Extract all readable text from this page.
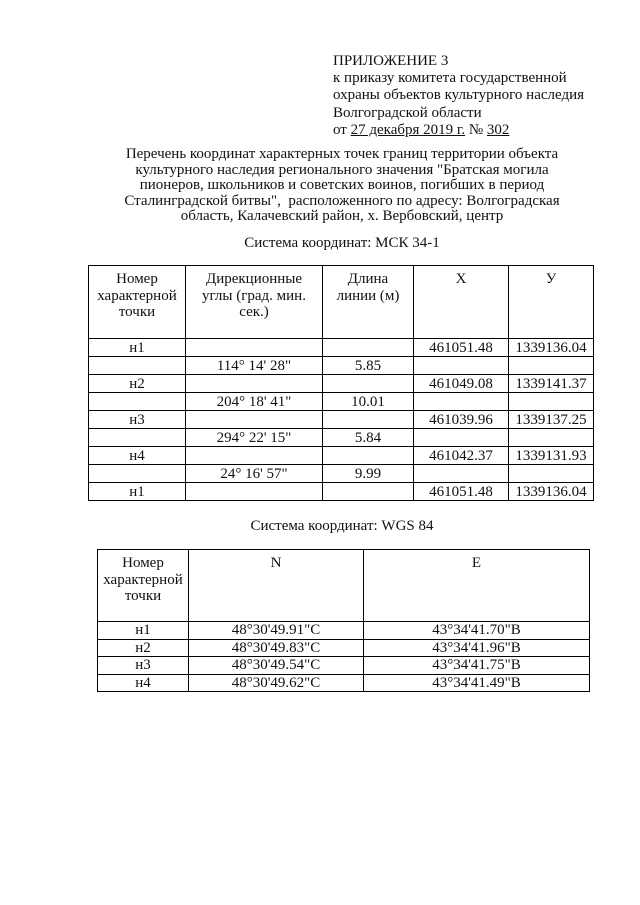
ПРИЛОЖЕНИЕ 3
к приказу комитета государственной
охраны объектов культурного наследия
Волгоградской области
от 27 декабря 2019 г. № 302
Перечень координат характерных точек границ территории объекта
культурного наследия регионального значения "Братская могила
пионеров, школьников и советских воинов, погибших в период
Сталинградской битвы",  расположенного по адресу: Волгоградская
область, Калачевский район, х. Вербовский, центр
Система координат: МСК 34-1
Номер
характерной
точки	Дирекционные
углы (град. мин.
сек.)	Длина
линии (м)	X	У
н1			461051.48	1339136.04
	114° 14' 28"	5.85		
н2			461049.08	1339141.37
	204° 18' 41"	10.01		
н3			461039.96	1339137.25
	294° 22' 15"	5.84		
н4			461042.37	1339131.93
	24° 16' 57"	9.99		
н1			461051.48	1339136.04
Система координат: WGS 84
Номер
характерной
точки	N	E
н1	48°30'49.91"С	43°34'41.70"В
н2	48°30'49.83"С	43°34'41.96"В
н3	48°30'49.54"С	43°34'41.75"В
н4	48°30'49.62"С	43°34'41.49"В
